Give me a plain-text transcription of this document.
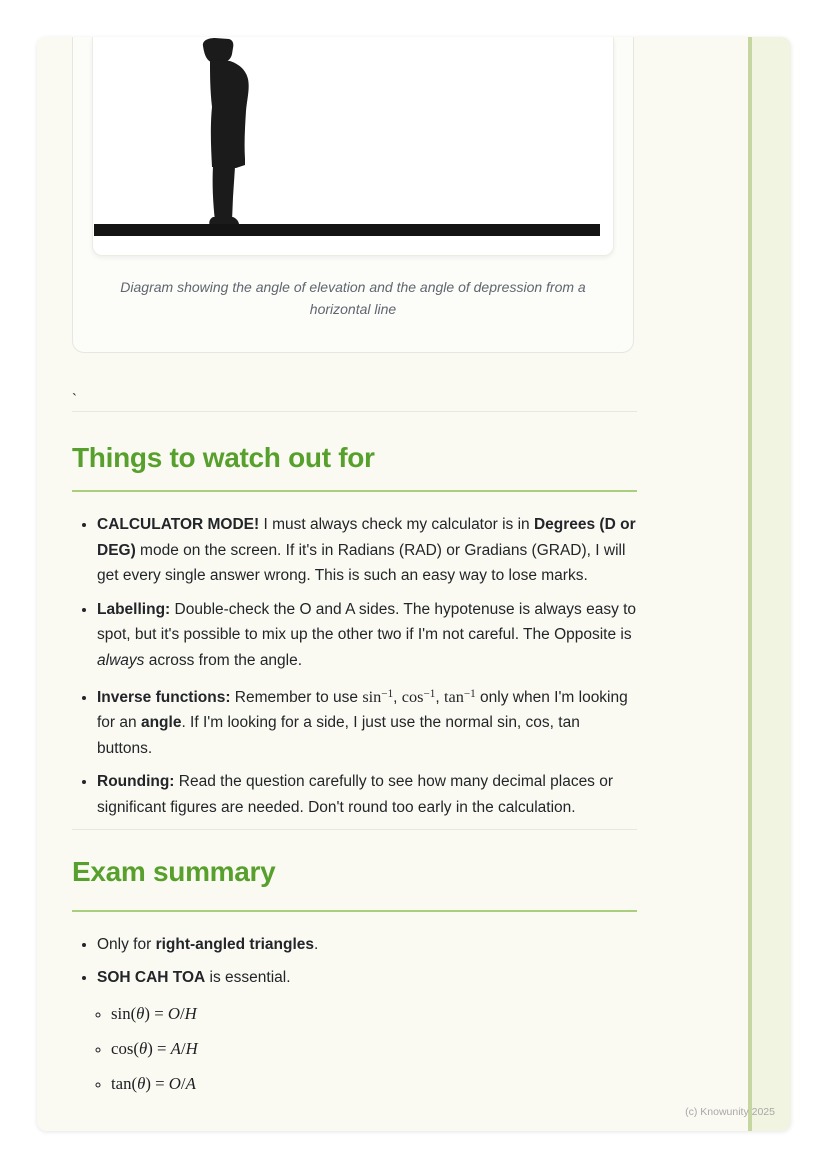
Diagram showing the angle of elevation and the angle of depression from a
horizontal line
`
Things to watch out for
• CALCULATOR MODE! I must always check my calculator is in Degrees (D or DEG) mode on the screen. If it's in Radians (RAD) or Gradians (GRAD), I will get every single answer wrong. This is such an easy way to lose marks.
• Labelling: Double-check the O and A sides. The hypotenuse is always easy to spot, but it's possible to mix up the other two if I'm not careful. The Opposite is always across from the angle.
• Inverse functions: Remember to use $\sin^{-1}$, $\cos^{-1}$, $\tan^{-1}$ only when I'm looking for an angle. If I'm looking for a side, I just use the normal sin, cos, tan buttons.
• Rounding: Read the question carefully to see how many decimal places or significant figures are needed. Don't round too early in the calculation.
Exam summary
• Only for right-angled triangles.
• SOH CAH TOA is essential.
◦ sin(θ) = O/H
◦ cos(θ) = A/H
◦ tan(θ) = O/A
(c) Knowunity 2025
